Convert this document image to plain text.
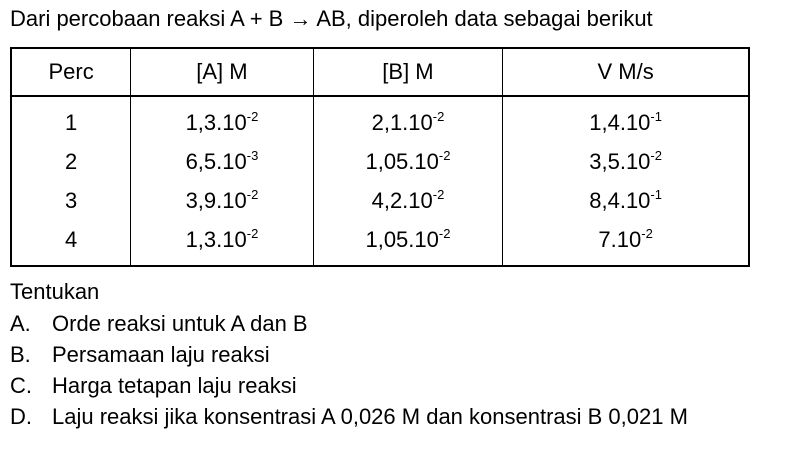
Dari percobaan reaksi A + B → AB, diperoleh data sebagai berikut
Perc	[A] M	[B] M	V M/s
1	$1,3.10^{-2}$	$2,1.10^{-2}$	$1,4.10^{-1}$
2	$6,5.10^{-3}$	$1,05.10^{-2}$	$3,5.10^{-2}$
3	$3,9.10^{-2}$	$4,2.10^{-2}$	$8,4.10^{-1}$
4	$1,3.10^{-2}$	$1,05.10^{-2}$	$7.10^{-2}$
Tentukan
A. Orde reaksi untuk A dan B
B. Persamaan laju reaksi
C. Harga tetapan laju reaksi
D. Laju reaksi jika konsentrasi A 0,026 M dan konsentrasi B 0,021 M
